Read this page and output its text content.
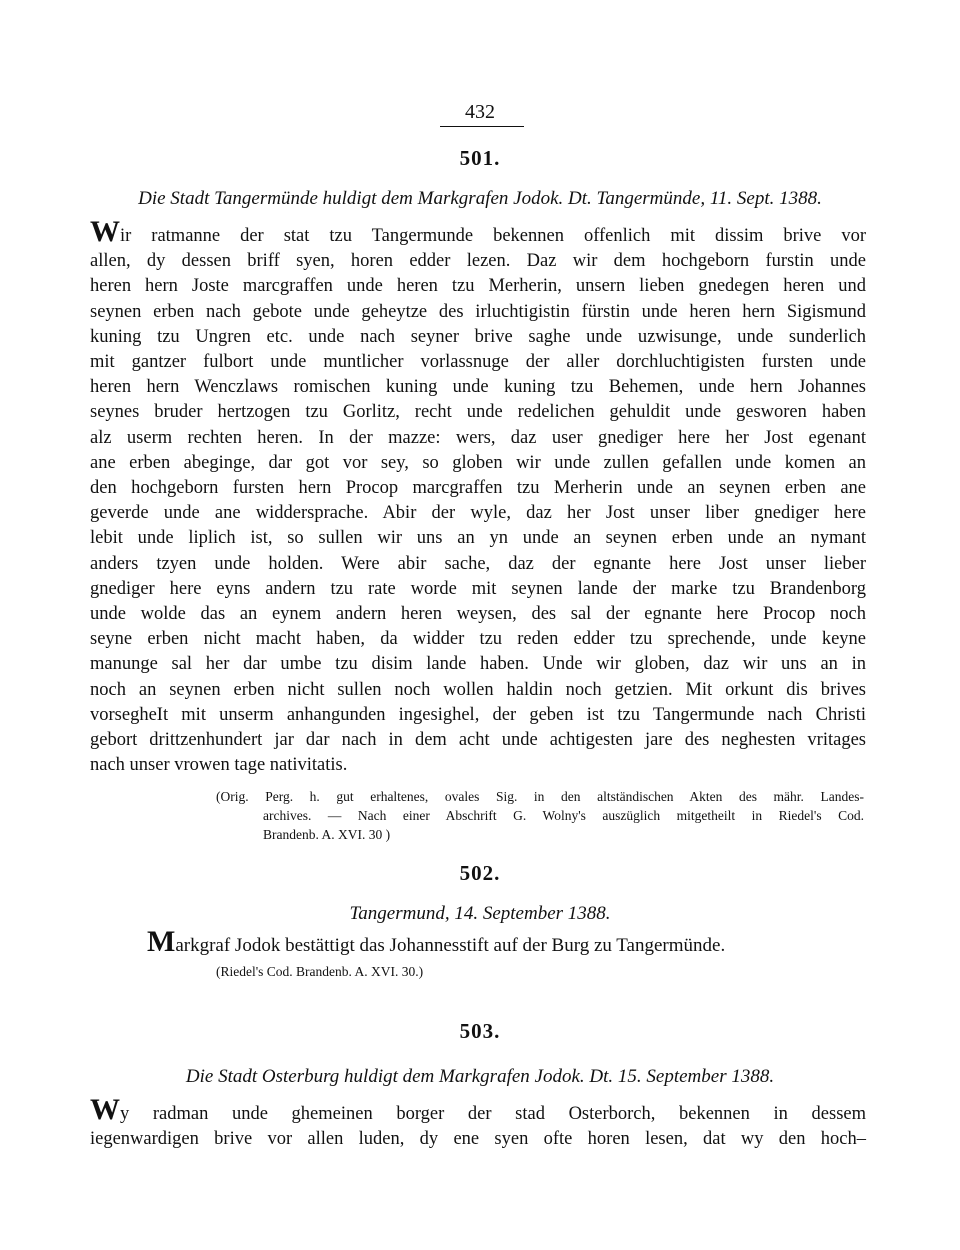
432
501.
Die Stadt Tangermünde huldigt dem Markgrafen Jodok. Dt. Tangermünde, 11. Sept. 1388.
Wir ratmanne der stat tzu Tangermunde bekennen offenlich mit dissim brive vor
allen, dy dessen briff syen, horen edder lezen. Daz wir dem hochgeborn furstin unde
heren hern Joste marcgraffen unde heren tzu Merherin, unsern lieben gnedegen heren und
seynen erben nach gebote unde geheytze des irluchtigistin fürstin unde heren hern Sigismund
kuning tzu Ungren etc. unde nach seyner brive saghe unde uzwisunge, unde sunderlich
mit gantzer fulbort unde muntlicher vorlassnuge der aller dorchluchtigisten fursten unde
heren hern Wenczlaws romischen kuning unde kuning tzu Behemen, unde hern Johannes
seynes bruder hertzogen tzu Gorlitz, recht unde redelichen gehuldit unde gesworen haben
alz userm rechten heren. In der mazze: wers, daz user gnediger here her Jost egenant
ane erben abeginge, dar got vor sey, so globen wir unde zullen gefallen unde komen an
den hochgeborn fursten hern Procop marcgraffen tzu Merherin unde an seynen erben ane
geverde unde ane widdersprache. Abir der wyle, daz her Jost unser liber gnediger here
lebit unde liplich ist, so sullen wir uns an yn unde an seynen erben unde an nymant
anders tzyen unde holden. Were abir sache, daz der egnante here Jost unser lieber
gnediger here eyns andern tzu rate worde mit seynen lande der marke tzu Brandenborg
unde wolde das an eynem andern heren weysen, des sal der egnante here Procop noch
seyne erben nicht macht haben, da widder tzu reden edder tzu sprechende, unde keyne
manunge sal her dar umbe tzu disim lande haben. Unde wir globen, daz wir uns an in
noch an seynen erben nicht sullen noch wollen haldin noch getzien. Mit orkunt dis brives
vorsegheIt mit unserm anhangunden ingesighel, der geben ist tzu Tangermunde nach Christi
gebort drittzenhundert jar dar nach in dem acht unde achtigesten jare des neghesten vritages
nach unser vrowen tage nativitatis.
(Orig. Perg. h. gut erhaltenes, ovales Sig. in den altständischen Akten des mähr. Landes-
archives. — Nach einer Abschrift G. Wolny's auszüglich mitgetheilt in Riedel's Cod.
Brandenb. A. XVI. 30 )
502.
Tangermund, 14. September 1388.
Markgraf Jodok bestättigt das Johannesstift auf der Burg zu Tangermünde.
(Riedel's Cod. Brandenb. A. XVI. 30.)
503.
Die Stadt Osterburg huldigt dem Markgrafen Jodok. Dt. 15. September 1388.
Wy radman unde ghemeinen borger der stad Osterborch, bekennen in dessem
iegenwardigen brive vor allen luden, dy ene syen ofte horen lesen, dat wy den hoch–
